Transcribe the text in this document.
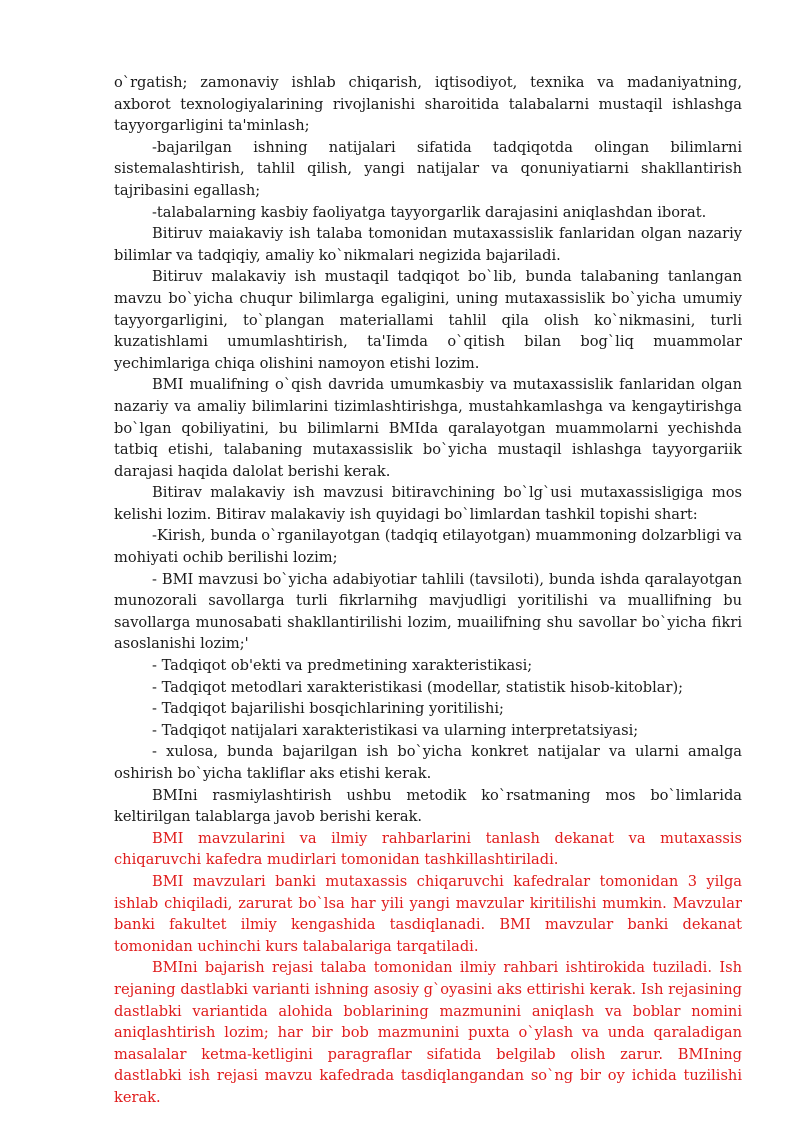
o`rgatish; zamonaviy ishlab chiqarish, iqtisodiyot, texnika va madaniyatning, axborot texnologiyalarining rivojlanishi sharoitida talabalarni mustaqil ishlashga tayyorgarligini ta'minlash;

-bajarilgan ishning natijalari sifatida tadqiqotda olingan bilimlarni sistemalashtirish, tahlil qilish, yangi natijalar va qonuniyatiarni shakllantirish tajribasini egallash;

-talabalarning kasbiy faoliyatga tayyorgarlik darajasini aniqlashdan iborat.

Bitiruv maiakaviy ish talaba tomonidan mutaxassislik fanlaridan olgan nazariy bilimlar va tadqiqiy, amaliy ko`nikmalari negizida bajariladi.

Bitiruv malakaviy ish mustaqil tadqiqot bo`lib, bunda talabaning tanlangan mavzu bo`yicha chuqur bilimlarga egaligini, uning mutaxassislik bo`yicha umumiy tayyorgarligini, to`plangan materiallami tahlil qila olish ko`nikmasini, turli kuzatishlami umumlashtirish, ta'Iimda o`qitish bilan bog`liq muammolar yechimlariga chiqa olishini namoyon etishi lozim.

BMI mualifning o`qish davrida umumkasbiy va mutaxassislik fanlaridan olgan nazariy va amaliy bilimlarini tizimlashtirishga, mustahkamlashga va kengaytirishga bo`lgan qobiliyatini, bu bilimlarni BMIda qaralayotgan muammolarni yechishda tatbiq etishi, talabaning mutaxassislik bo`yicha mustaqil ishlashga tayyorgariik darajasi haqida dalolat berishi kerak.

Bitirav malakaviy ish mavzusi bitiravchining bo`lg`usi mutaxassisligiga mos kelishi lozim. Bitirav malakaviy ish quyidagi bo`limlardan tashkil topishi shart:

-Kirish, bunda o`rganilayotgan (tadqiq etilayotgan) muammoning dolzarbligi va mohiyati ochib berilishi lozim;

- BMI mavzusi bo`yicha adabiyotiar tahlili (tavsiloti), bunda ishda qaralayotgan munozorali savollarga turli fikrlarnihg mavjudligi yoritilishi va muallifning bu savollarga munosabati shakllantirilishi lozim, muailifning shu savollar bo`yicha fikri asoslanishi lozim;'

- Tadqiqot ob'ekti va predmetining xarakteristikasi;

- Tadqiqot metodlari xarakteristikasi (modellar, statistik hisob-kitoblar);

- Tadqiqot bajarilishi bosqichlarining yoritilishi;

- Tadqiqot natijalari xarakteristikasi va ularning interpretatsiyasi;

- xulosa, bunda bajarilgan ish bo`yicha konkret natijalar va ularni amalga oshirish bo`yicha takliflar aks etishi kerak.

BMIni rasmiylashtirish ushbu metodik ko`rsatmaning mos bo`limlarida keltirilgan talablarga javob berishi kerak.

BMI mavzularini va ilmiy rahbarlarini tanlash dekanat va mutaxassis chiqaruvchi kafedra mudirlari tomonidan tashkillashtiriladi.

BMI mavzulari banki mutaxassis chiqaruvchi kafedralar tomonidan 3 yilga ishlab chiqiladi, zarurat bo`lsa har yili yangi mavzular kiritilishi mumkin. Mavzular banki fakultet ilmiy kengashida tasdiqlanadi. BMI mavzular banki dekanat tomonidan uchinchi kurs talabalariga tarqatiladi.

BMIni bajarish rejasi talaba tomonidan ilmiy rahbari ishtirokida tuziladi. Ish rejaning dastlabki varianti ishning asosiy g`oyasini aks ettirishi kerak. Ish rejasining dastlabki variantida alohida boblarining mazmunini aniqlash va boblar nomini aniqlashtirish lozim; har bir bob mazmunini puxta o`ylash va unda qaraladigan masalalar ketma-ketligini paragraflar sifatida belgilab olish zarur. BMIning dastlabki ish rejasi mavzu kafedrada tasdiqlangandan so`ng bir oy ichida tuzilishi kerak.
